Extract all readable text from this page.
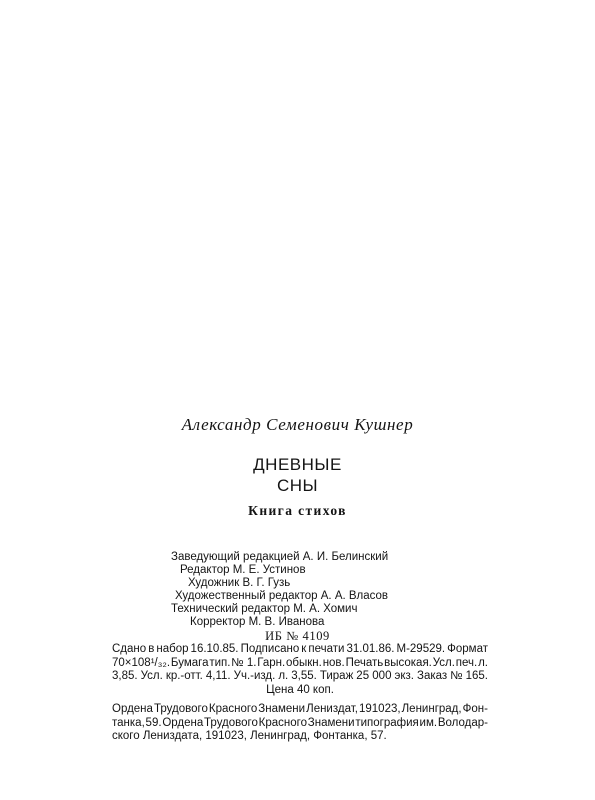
Александр Семенович Кушнер
ДНЕВНЫЕ
СНЫ
Книга стихов
Заведующий редакцией А. И. Белинский
Редактор М. Е. Устинов
Художник В. Г. Гузь
Художественный редактор А. А. Власов
Технический редактор М. А. Хомич
Корректор М. В. Иванова
ИБ № 4109
Сдано в набор 16.10.85. Подписано к печати 31.01.86. М-29529. Формат
70×108¹/₃₂. Бумага тип. № 1. Гарн. обыкн. нов. Печать высокая. Усл. печ. л.
3,85. Усл. кр.-отт. 4,11. Уч.-изд. л. 3,55. Тираж 25 000 экз. Заказ № 165.
Цена 40 коп.
Ордена Трудового Красного Знамени Лениздат, 191023, Ленинград, Фон-
танка, 59. Ордена Трудового Красного Знамени типография им. Володар-
ского Лениздата, 191023, Ленинград, Фонтанка, 57.
